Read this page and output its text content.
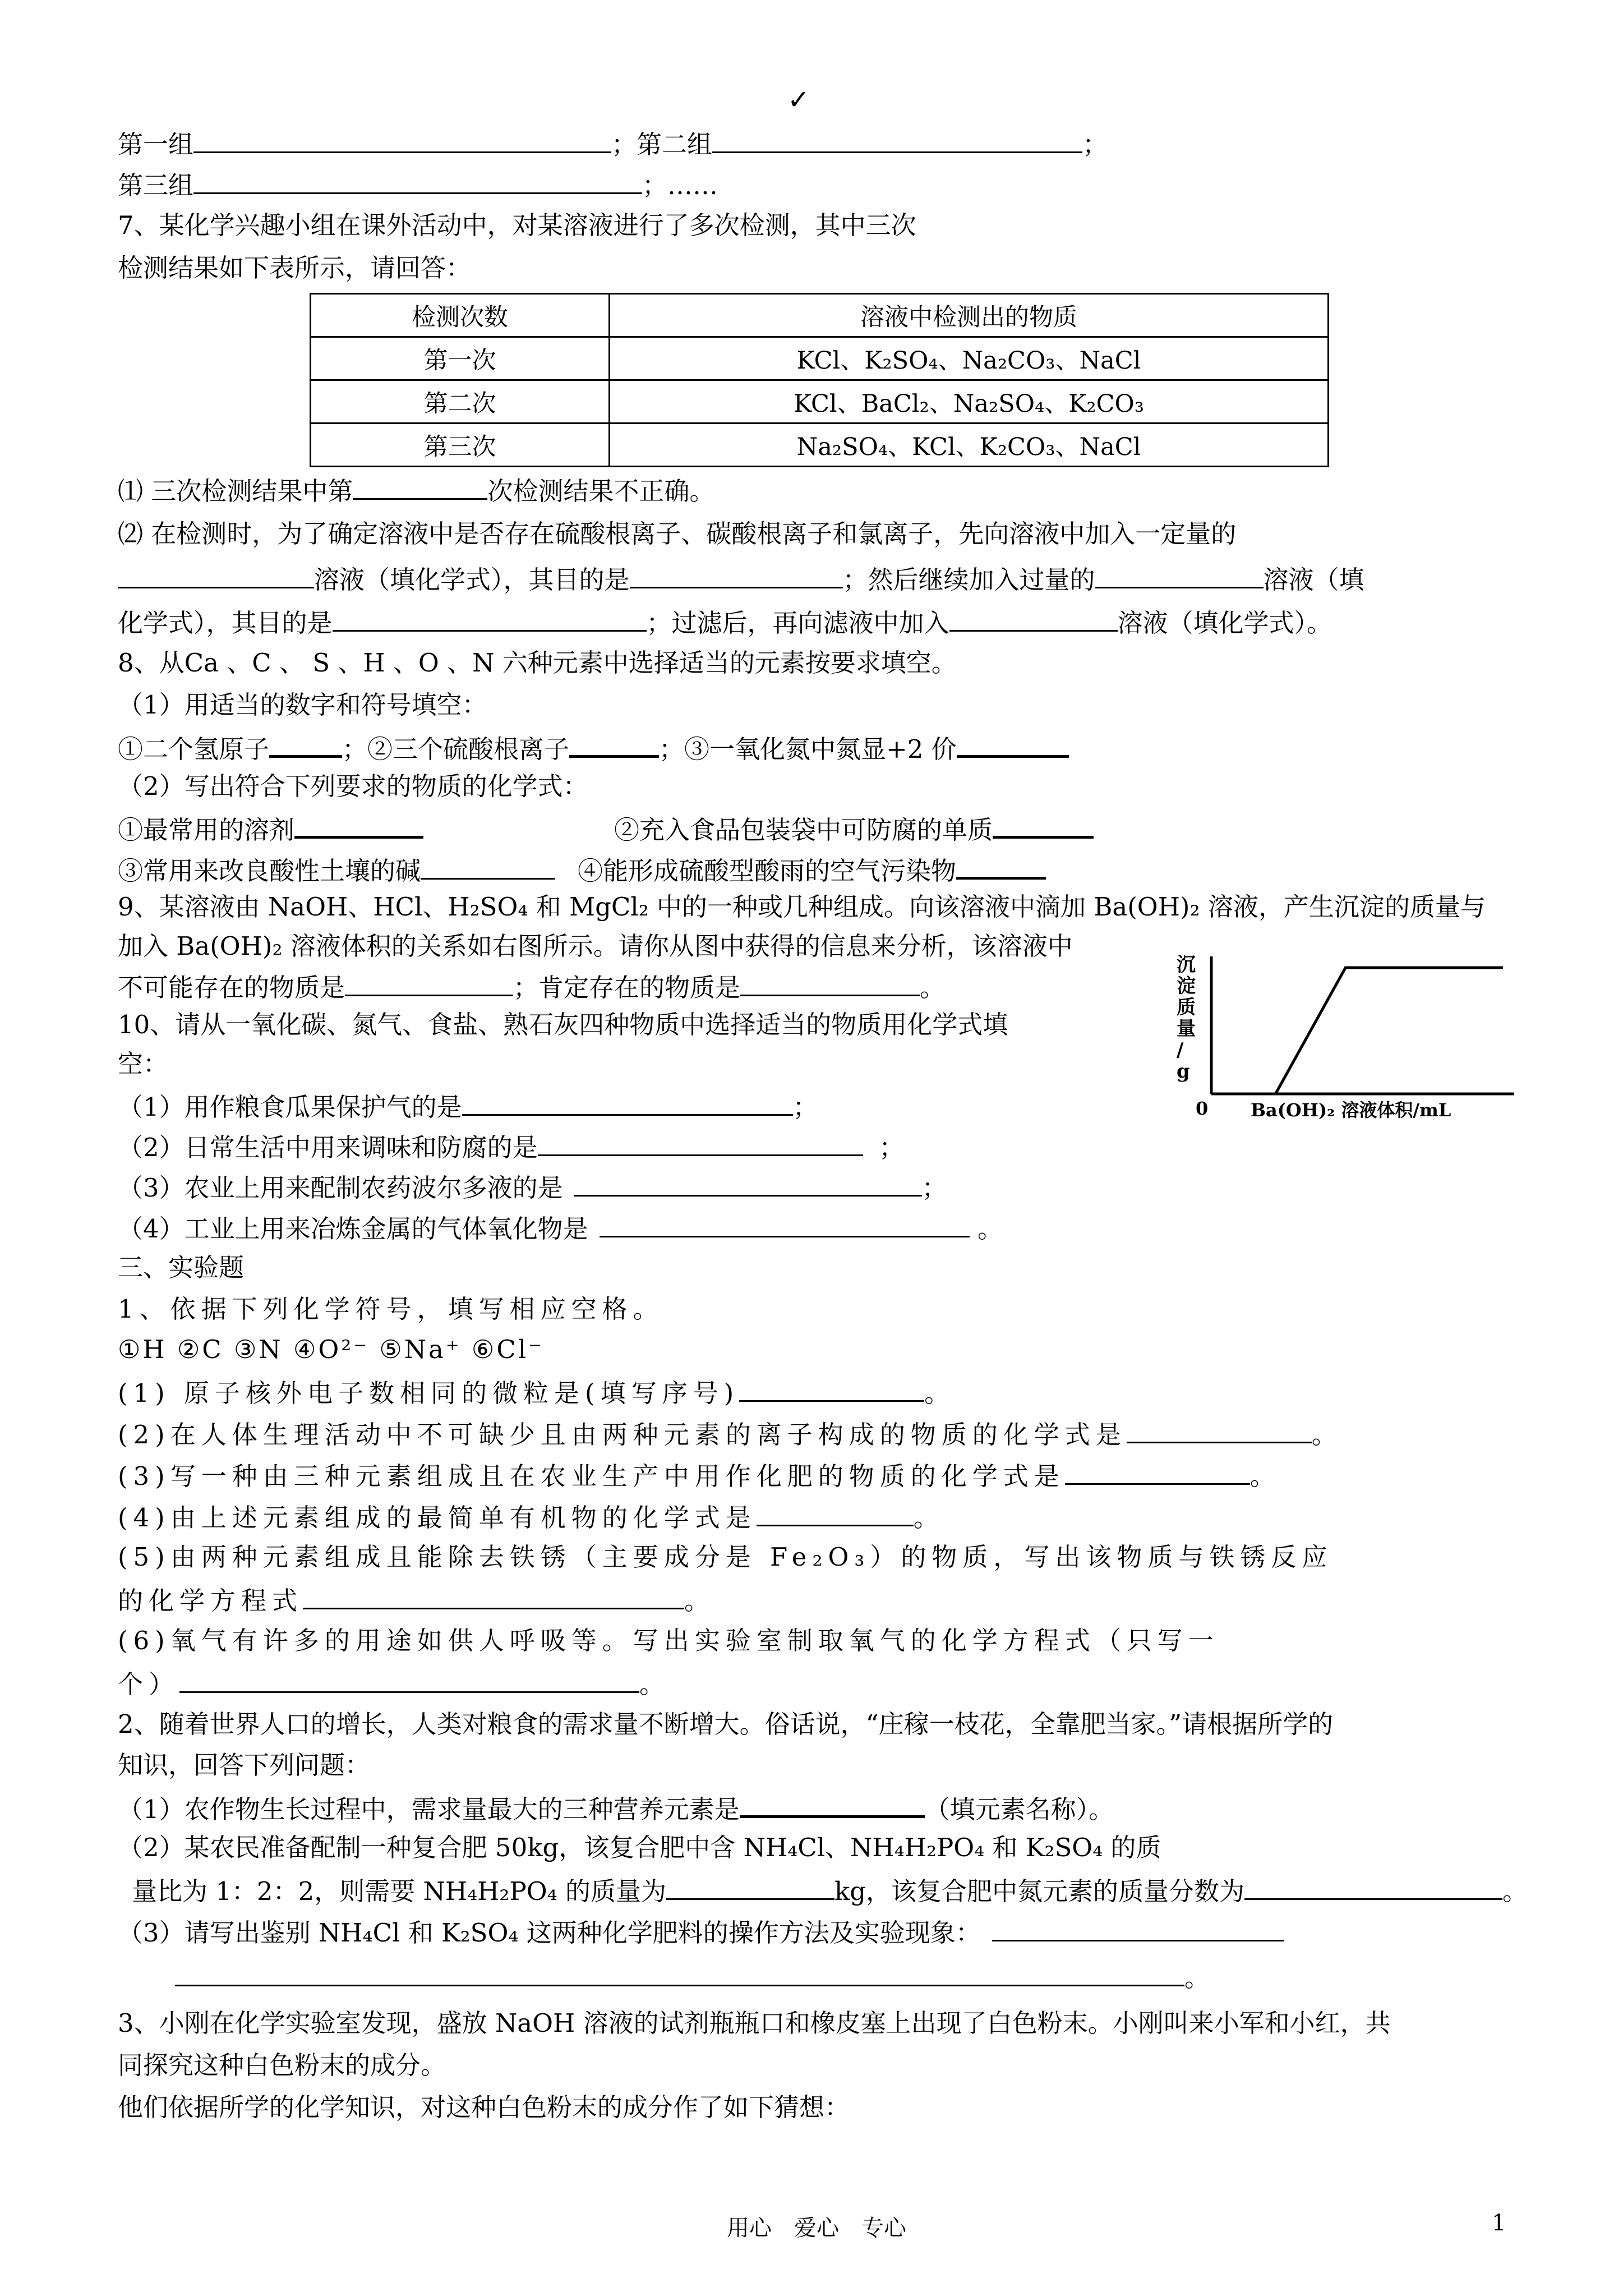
✓
第一组	；第二组	；
第三组	；……
7、某化学兴趣小组在课外活动中，对某溶液进行了多次检测，其中三次
检测结果如下表所示，请回答：
检测次数	溶液中检测出的物质
第一次	KCl、K₂SO₄、Na₂CO₃、NaCl
第二次	KCl、BaCl₂、Na₂SO₄、K₂CO₃
第三次	Na₂SO₄、KCl、K₂CO₃、NaCl
⑴ 三次检测结果中第	次检测结果不正确。
⑵ 在检测时，为了确定溶液中是否存在硫酸根离子、碳酸根离子和氯离子，先向溶液中加入一定量的
溶液（填化学式），其目的是	；然后继续加入过量的	溶液（填
化学式），其目的是	；过滤后，再向滤液中加入	溶液（填化学式）。
8、从Ca 、C 、 S 、H 、O 、N 六种元素中选择适当的元素按要求填空。
（1）用适当的数字和符号填空：
①二个氢原子	；②三个硫酸根离子	；③一氧化氮中氮显+2 价
（2）写出符合下列要求的物质的化学式：
①最常用的溶剂	②充入食品包装袋中可防腐的单质
③常用来改良酸性土壤的碱	④能形成硫酸型酸雨的空气污染物
9、某溶液由 NaOH、HCl、H₂SO₄ 和 MgCl₂ 中的一种或几种组成。向该溶液中滴加 Ba(OH)₂ 溶液，产生沉淀的质量与
加入 Ba(OH)₂ 溶液体积的关系如右图所示。请你从图中获得的信息来分析，该溶液中
不可能存在的物质是	；肯定存在的物质是	。
沉淀质量/ g
0 Ba(OH)₂ 溶液体积/mL
10、请从一氧化碳、氮气、食盐、熟石灰四种物质中选择适当的物质用化学式填
空：
（1）用作粮食瓜果保护气的是	；
（2）日常生活中用来调味和防腐的是	；
（3）农业上用来配制农药波尔多液的是	；
（4）工业上用来冶炼金属的气体氧化物是	。
三、实验题
1、依据下列化学符号，填写相应空格。
①H ②C ③N ④O²⁻ ⑤Na⁺ ⑥Cl⁻
(1) 原子核外电子数相同的微粒是(填写序号)	。
(2)在人体生理活动中不可缺少且由两种元素的离子构成的物质的化学式是	。
(3)写一种由三种元素组成且在农业生产中用作化肥的物质的化学式是	。
(4)由上述元素组成的最简单有机物的化学式是	。
(5)由两种元素组成且能除去铁锈（主要成分是 Fe₂O₃）的物质，写出该物质与铁锈反应
的化学方程式	。
(6)氧气有许多的用途如供人呼吸等。写出实验室制取氧气的化学方程式（只写一
个）	。
2、随着世界人口的增长，人类对粮食的需求量不断增大。俗话说，“庄稼一枝花，全靠肥当家。”请根据所学的
知识，回答下列问题：
（1）农作物生长过程中，需求量最大的三种营养元素是	（填元素名称）。
（2）某农民准备配制一种复合肥 50kg，该复合肥中含 NH₄Cl、NH₄H₂PO₄ 和 K₂SO₄ 的质
量比为 1：2：2，则需要 NH₄H₂PO₄ 的质量为	kg，该复合肥中氮元素的质量分数为	。
（3）请写出鉴别 NH₄Cl 和 K₂SO₄ 这两种化学肥料的操作方法及实验现象：
。
3、小刚在化学实验室发现，盛放 NaOH 溶液的试剂瓶瓶口和橡皮塞上出现了白色粉末。小刚叫来小军和小红，共
同探究这种白色粉末的成分。
他们依据所学的化学知识，对这种白色粉末的成分作了如下猜想：
用心　爱心　专心	1
